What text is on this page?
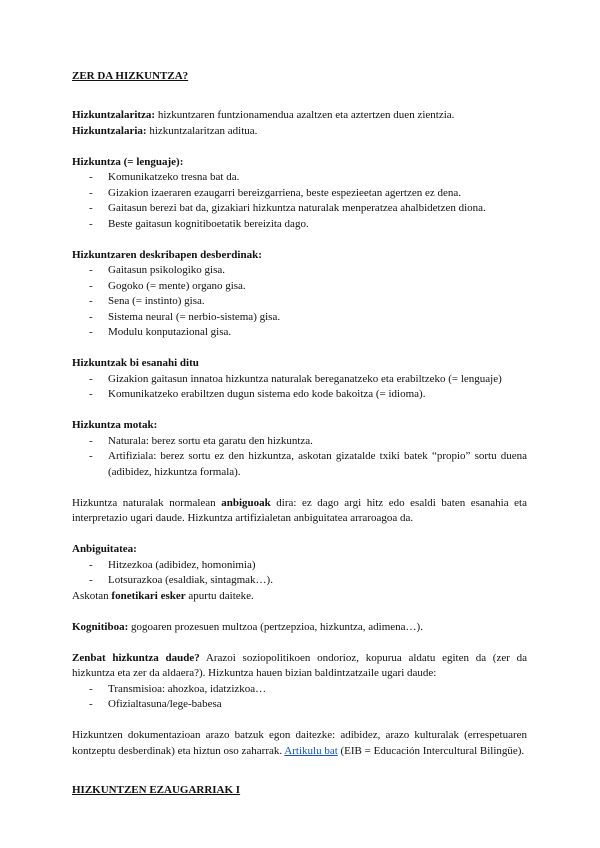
ZER DA HIZKUNTZA?

Hizkuntzalaritza: hizkuntzaren funtzionamendua azaltzen eta aztertzen duen zientzia.

Hizkuntzalaria: hizkuntzalaritzan aditua.

Hizkuntza (= lenguaje):

- Komunikatzeko tresna bat da.
- Gizakion izaeraren ezaugarri bereizgarriena, beste espezieetan agertzen ez dena.
- Gaitasun berezi bat da, gizakiari hizkuntza naturalak menperatzea ahalbidetzen diona.
- Beste gaitasun kognitiboetatik bereizita dago.

Hizkuntzaren deskribapen desberdinak:

- Gaitasun psikologiko gisa.
- Gogoko (= mente) organo gisa.
- Sena (= instinto) gisa.
- Sistema neural (= nerbio-sistema) gisa.
- Modulu konputazional gisa.

Hizkuntzak bi esanahi ditu

- Gizakion gaitasun innatoa hizkuntza naturalak bereganatzeko eta erabiltzeko (= lenguaje)
- Komunikatzeko erabiltzen dugun sistema edo kode bakoitza (= idioma).

Hizkuntza motak:

- Naturala: berez sortu eta garatu den hizkuntza.
- Artifiziala: berez sortu ez den hizkuntza, askotan gizatalde txiki batek “propio” sortu duena (adibidez, hizkuntza formala).

Hizkuntza naturalak normalean anbiguoak dira: ez dago argi hitz edo esaldi baten esanahia eta interpretazio ugari daude. Hizkuntza artifizialetan anbiguitatea arraroagoa da.

Anbiguitatea:

- Hitzezkoa (adibidez, homonimia)
- Lotsurazkoa (esaldiak, sintagmak…).

Askotan fonetikari esker apurtu daiteke.

Kognitiboa: gogoaren prozesuen multzoa (pertzepzioa, hizkuntza, adimena…).

Zenbat hizkuntza daude? Arazoi soziopolitikoen ondorioz, kopurua aldatu egiten da (zer da hizkuntza eta zer da aldaera?). Hizkuntza hauen bizian baldintzatzaile ugari daude:

- Transmisioa: ahozkoa, idatzizkoa…
- Ofizialtasuna/lege-babesa

Hizkuntzen dokumentazioan arazo batzuk egon daitezke: adibidez, arazo kulturalak (errespetuaren kontzeptu desberdinak) eta hiztun oso zaharrak. Artikulu bat (EIB = Educación Intercultural Bilingüe).

HIZKUNTZEN EZAUGARRIAK I
